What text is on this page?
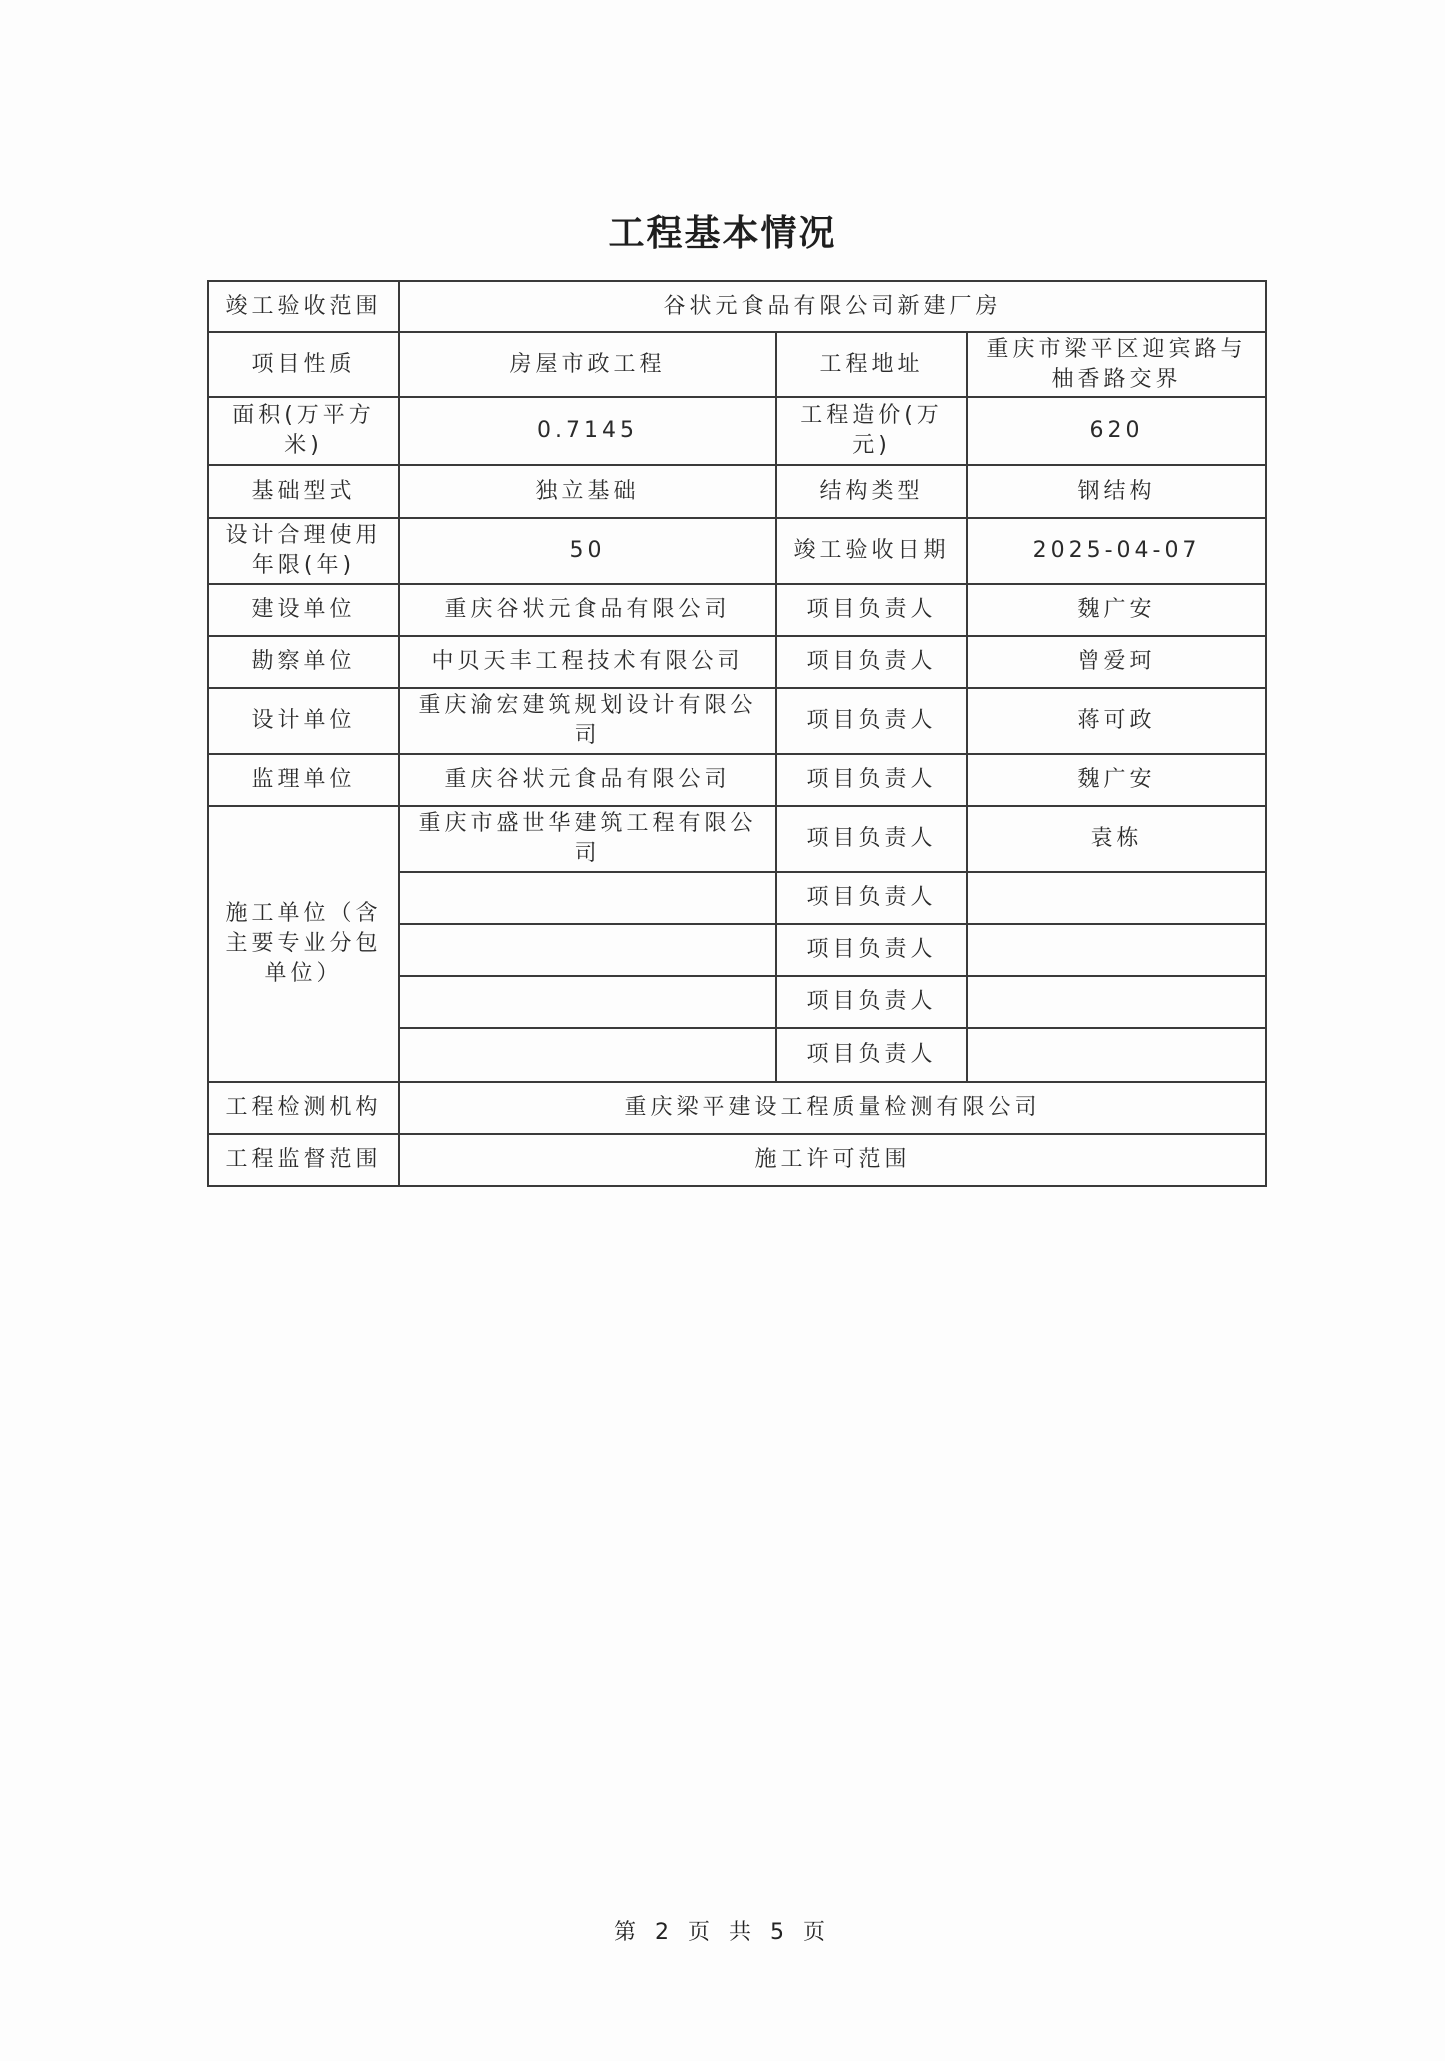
工程基本情况
竣工验收范围	谷状元食品有限公司新建厂房		
项目性质	房屋市政工程	工程地址	重庆市梁平区迎宾路与柚香路交界
面积(万平方米)	0.7145	工程造价(万元)	620
基础型式	独立基础	结构类型	钢结构
设计合理使用年限(年)	50	竣工验收日期	2025-04-07
建设单位	重庆谷状元食品有限公司	项目负责人	魏广安
勘察单位	中贝天丰工程技术有限公司	项目负责人	曾爱珂
设计单位	重庆渝宏建筑规划设计有限公司	项目负责人	蒋可政
监理单位	重庆谷状元食品有限公司	项目负责人	魏广安
施工单位（含主要专业分包单位）	重庆市盛世华建筑工程有限公司	项目负责人	袁栋
		项目负责人	
		项目负责人	
		项目负责人	
		项目负责人	
工程检测机构	重庆梁平建设工程质量检测有限公司		
工程监督范围	施工许可范围		
第 2 页 共 5 页
